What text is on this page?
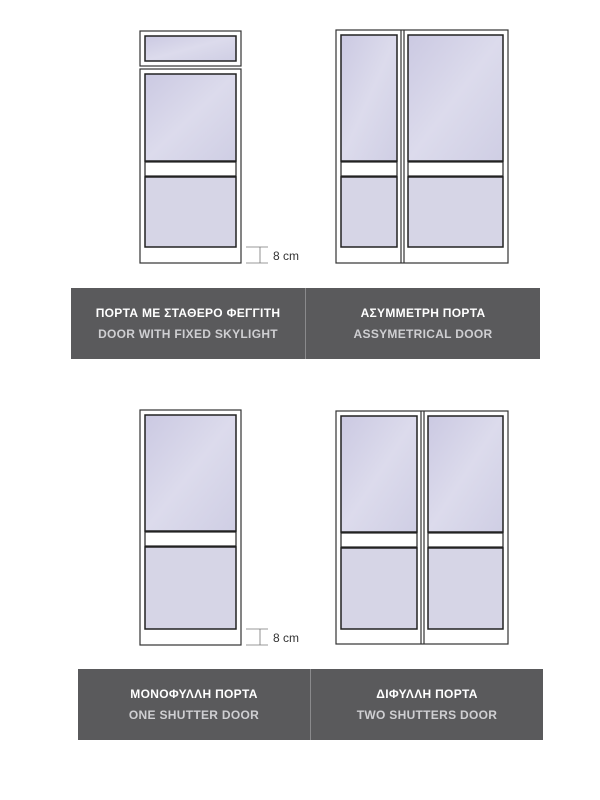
8 cm
8 cm
ΠΟΡΤΑ ΜΕ ΣΤΑΘΕΡΟ ΦΕΓΓΙΤΗ
DOOR WITH FIXED SKYLIGHT
ΑΣΥΜΜΕΤΡΗ ΠΟΡΤΑ
ASSYMETRICAL DOOR
ΜΟΝΟΦΥΛΛΗ ΠΟΡΤΑ
ONE SHUTTER DOOR
ΔΙΦΥΛΛΗ ΠΟΡΤΑ
TWO SHUTTERS DOOR
